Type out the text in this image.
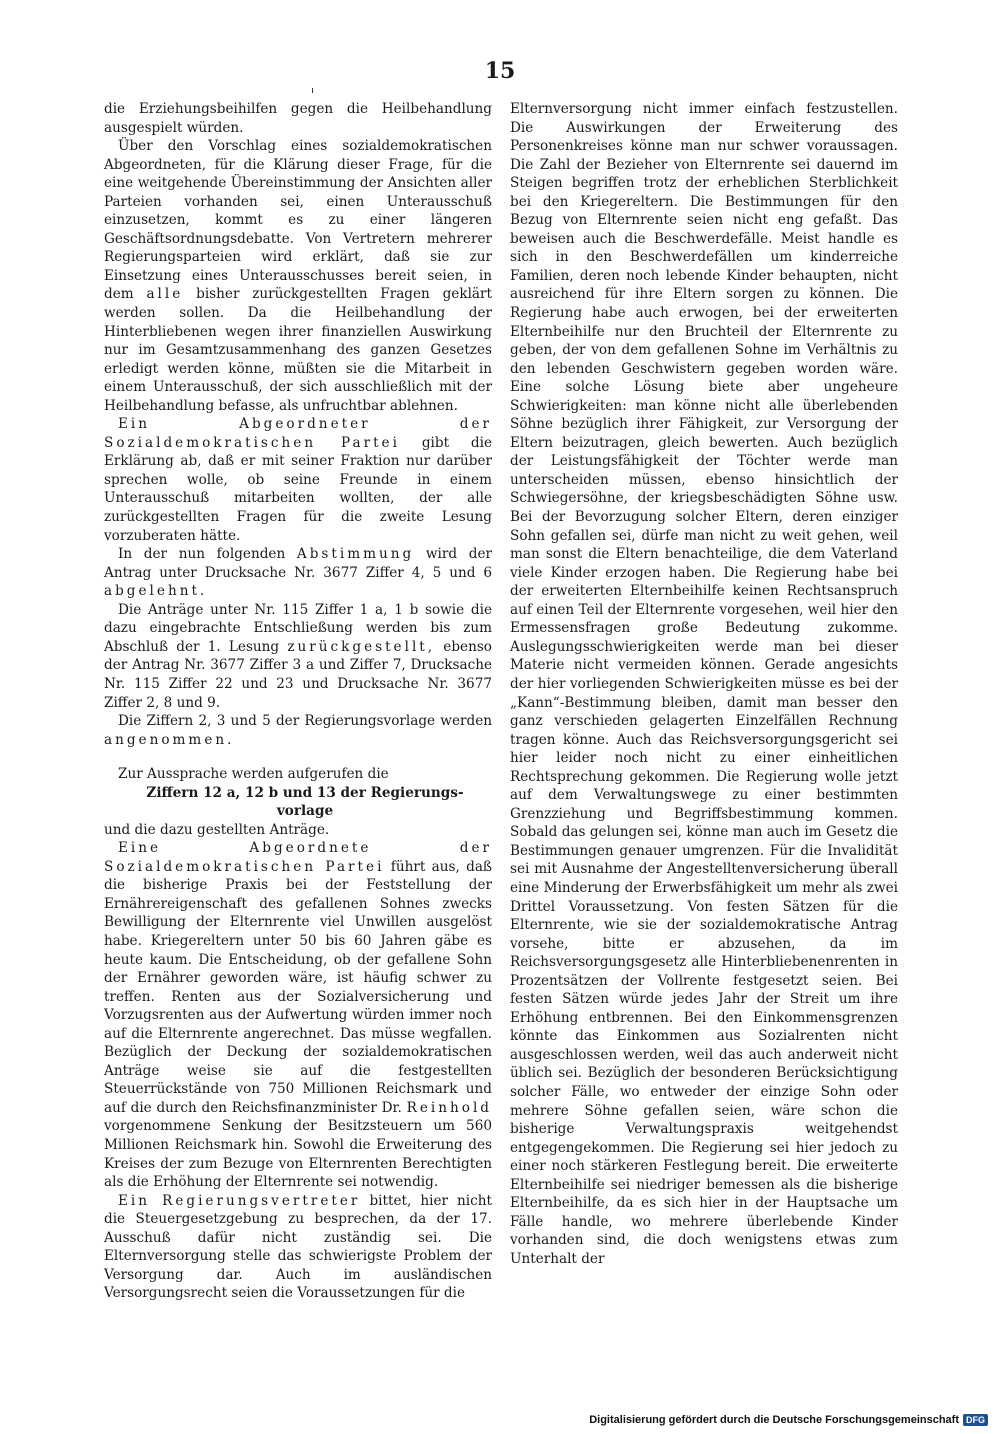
15

die Erziehungsbeihilfen gegen die Heilbehandlung ausgespielt würden.

Über den Vorschlag eines sozialdemokratischen Abgeordneten, für die Klärung dieser Frage, für die eine weitgehende Übereinstimmung der Ansichten aller Parteien vorhanden sei, einen Unterausschuß einzusetzen, kommt es zu einer längeren Geschäftsordnungsdebatte. Von Vertretern mehrerer Regierungsparteien wird erklärt, daß sie zur Einsetzung eines Unterausschusses bereit seien, in dem alle bisher zurückgestellten Fragen geklärt werden sollen. Da die Heilbehandlung der Hinterbliebenen wegen ihrer finanziellen Auswirkung nur im Gesamtzusammenhang des ganzen Gesetzes erledigt werden könne, müßten sie die Mitarbeit in einem Unterausschuß, der sich ausschließlich mit der Heilbehandlung befasse, als unfruchtbar ablehnen.

Ein Abgeordneter der Sozialdemokratischen Partei gibt die Erklärung ab, daß er mit seiner Fraktion nur darüber sprechen wolle, ob seine Freunde in einem Unterausschuß mitarbeiten wollten, der alle zurückgestellten Fragen für die zweite Lesung vorzuberaten hätte.

In der nun folgenden Abstimmung wird der Antrag unter Drucksache Nr. 3677 Ziffer 4, 5 und 6 abgelehnt.

Die Anträge unter Nr. 115 Ziffer 1 a, 1 b sowie die dazu eingebrachte Entschließung werden bis zum Abschluß der 1. Lesung zurückgestellt, ebenso der Antrag Nr. 3677 Ziffer 3 a und Ziffer 7, Drucksache Nr. 115 Ziffer 22 und 23 und Drucksache Nr. 3677 Ziffer 2, 8 und 9.

Die Ziffern 2, 3 und 5 der Regierungsvorlage werden angenommen.

Zur Aussprache werden aufgerufen die

Ziffern 12 a, 12 b und 13 der Regierungs-

vorlage

und die dazu gestellten Anträge.

Eine Abgeordnete der Sozialdemokratischen Partei führt aus, daß die bisherige Praxis bei der Feststellung der Ernährereigenschaft des gefallenen Sohnes zwecks Bewilligung der Elternrente viel Unwillen ausgelöst habe. Kriegereltern unter 50 bis 60 Jahren gäbe es heute kaum. Die Entscheidung, ob der gefallene Sohn der Ernährer geworden wäre, ist häufig schwer zu treffen. Renten aus der Sozialversicherung und Vorzugsrenten aus der Aufwertung würden immer noch auf die Elternrente angerechnet. Das müsse wegfallen. Bezüglich der Deckung der sozialdemokratischen Anträge weise sie auf die festgestellten Steuerrückstände von 750 Millionen Reichsmark und auf die durch den Reichsfinanzminister Dr. Reinhold vorgenommene Senkung der Besitzsteuern um 560 Millionen Reichsmark hin. Sowohl die Erweiterung des Kreises der zum Bezuge von Elternrenten Berechtigten als die Erhöhung der Elternrente sei notwendig.

Ein Regierungsvertreter bittet, hier nicht die Steuergesetzgebung zu besprechen, da der 17. Ausschuß dafür nicht zuständig sei. Die Elternversorgung stelle das schwierigste Problem der Versorgung dar. Auch im ausländischen Versorgungsrecht seien die Voraussetzungen für die

Elternversorgung nicht immer einfach festzustellen. Die Auswirkungen der Erweiterung des Personenkreises könne man nur schwer voraussagen. Die Zahl der Bezieher von Elternrente sei dauernd im Steigen begriffen trotz der erheblichen Sterblichkeit bei den Kriegereltern. Die Bestimmungen für den Bezug von Elternrente seien nicht eng gefaßt. Das beweisen auch die Beschwerdefälle. Meist handle es sich in den Beschwerdefällen um kinderreiche Familien, deren noch lebende Kinder behaupten, nicht ausreichend für ihre Eltern sorgen zu können. Die Regierung habe auch erwogen, bei der erweiterten Elternbeihilfe nur den Bruchteil der Elternrente zu geben, der von dem gefallenen Sohne im Verhältnis zu den lebenden Geschwistern gegeben worden wäre. Eine solche Lösung biete aber ungeheure Schwierigkeiten: man könne nicht alle überlebenden Söhne bezüglich ihrer Fähigkeit, zur Versorgung der Eltern beizutragen, gleich bewerten. Auch bezüglich der Leistungsfähigkeit der Töchter werde man unterscheiden müssen, ebenso hinsichtlich der Schwiegersöhne, der kriegsbeschädigten Söhne usw. Bei der Bevorzugung solcher Eltern, deren einziger Sohn gefallen sei, dürfe man nicht zu weit gehen, weil man sonst die Eltern benachteilige, die dem Vaterland viele Kinder erzogen haben. Die Regierung habe bei der erweiterten Elternbeihilfe keinen Rechtsanspruch auf einen Teil der Elternrente vorgesehen, weil hier den Ermessensfragen große Bedeutung zukomme. Auslegungsschwierigkeiten werde man bei dieser Materie nicht vermeiden können. Gerade angesichts der hier vorliegenden Schwierigkeiten müsse es bei der „Kann“-Bestimmung bleiben, damit man besser den ganz verschieden gelagerten Einzelfällen Rechnung tragen könne. Auch das Reichsversorgungsgericht sei hier leider noch nicht zu einer einheitlichen Rechtsprechung gekommen. Die Regierung wolle jetzt auf dem Verwaltungswege zu einer bestimmten Grenzziehung und Begriffsbestimmung kommen. Sobald das gelungen sei, könne man auch im Gesetz die Bestimmungen genauer umgrenzen. Für die Invalidität sei mit Ausnahme der Angestelltenversicherung überall eine Minderung der Erwerbsfähigkeit um mehr als zwei Drittel Voraussetzung. Von festen Sätzen für die Elternrente, wie sie der sozialdemokratische Antrag vorsehe, bitte er abzusehen, da im Reichsversorgungsgesetz alle Hinterbliebenenrenten in Prozentsätzen der Vollrente festgesetzt seien. Bei festen Sätzen würde jedes Jahr der Streit um ihre Erhöhung entbrennen. Bei den Einkommensgrenzen könnte das Einkommen aus Sozialrenten nicht ausgeschlossen werden, weil das auch anderweit nicht üblich sei. Bezüglich der besonderen Berücksichtigung solcher Fälle, wo entweder der einzige Sohn oder mehrere Söhne gefallen seien, wäre schon die bisherige Verwaltungspraxis weitgehendst entgegengekommen. Die Regierung sei hier jedoch zu einer noch stärkeren Festlegung bereit. Die erweiterte Elternbeihilfe sei niedriger bemessen als die bisherige Elternbeihilfe, da es sich hier in der Hauptsache um Fälle handle, wo mehrere überlebende Kinder vorhanden sind, die doch wenigstens etwas zum Unterhalt der

Digitalisierung gefördert durch die Deutsche Forschungsgemeinschaft DFG
